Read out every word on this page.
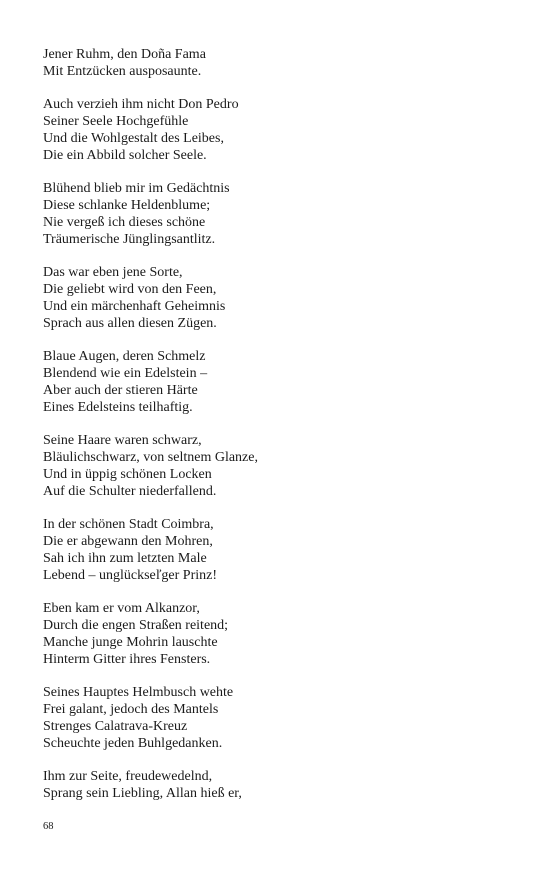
Jener Ruhm, den Doña Fama
Mit Entzücken ausposaunte.
Auch verzieh ihm nicht Don Pedro
Seiner Seele Hochgefühle
Und die Wohlgestalt des Leibes,
Die ein Abbild solcher Seele.
Blühend blieb mir im Gedächtnis
Diese schlanke Heldenblume;
Nie vergeß ich dieses schöne
Träumerische Jünglingsantlitz.
Das war eben jene Sorte,
Die geliebt wird von den Feen,
Und ein märchenhaft Geheimnis
Sprach aus allen diesen Zügen.
Blaue Augen, deren Schmelz
Blendend wie ein Edelstein –
Aber auch der stieren Härte
Eines Edelsteins teilhaftig.
Seine Haare waren schwarz,
Bläulichschwarz, von seltnem Glanze,
Und in üppig schönen Locken
Auf die Schulter niederfallend.
In der schönen Stadt Coimbra,
Die er abgewann den Mohren,
Sah ich ihn zum letzten Male
Lebend – unglückseľger Prinz!
Eben kam er vom Alkanzor,
Durch die engen Straßen reitend;
Manche junge Mohrin lauschte
Hinterm Gitter ihres Fensters.
Seines Hauptes Helmbusch wehte
Frei galant, jedoch des Mantels
Strenges Calatrava-Kreuz
Scheuchte jeden Buhlgedanken.
Ihm zur Seite, freudewedelnd,
Sprang sein Liebling, Allan hieß er,
68
